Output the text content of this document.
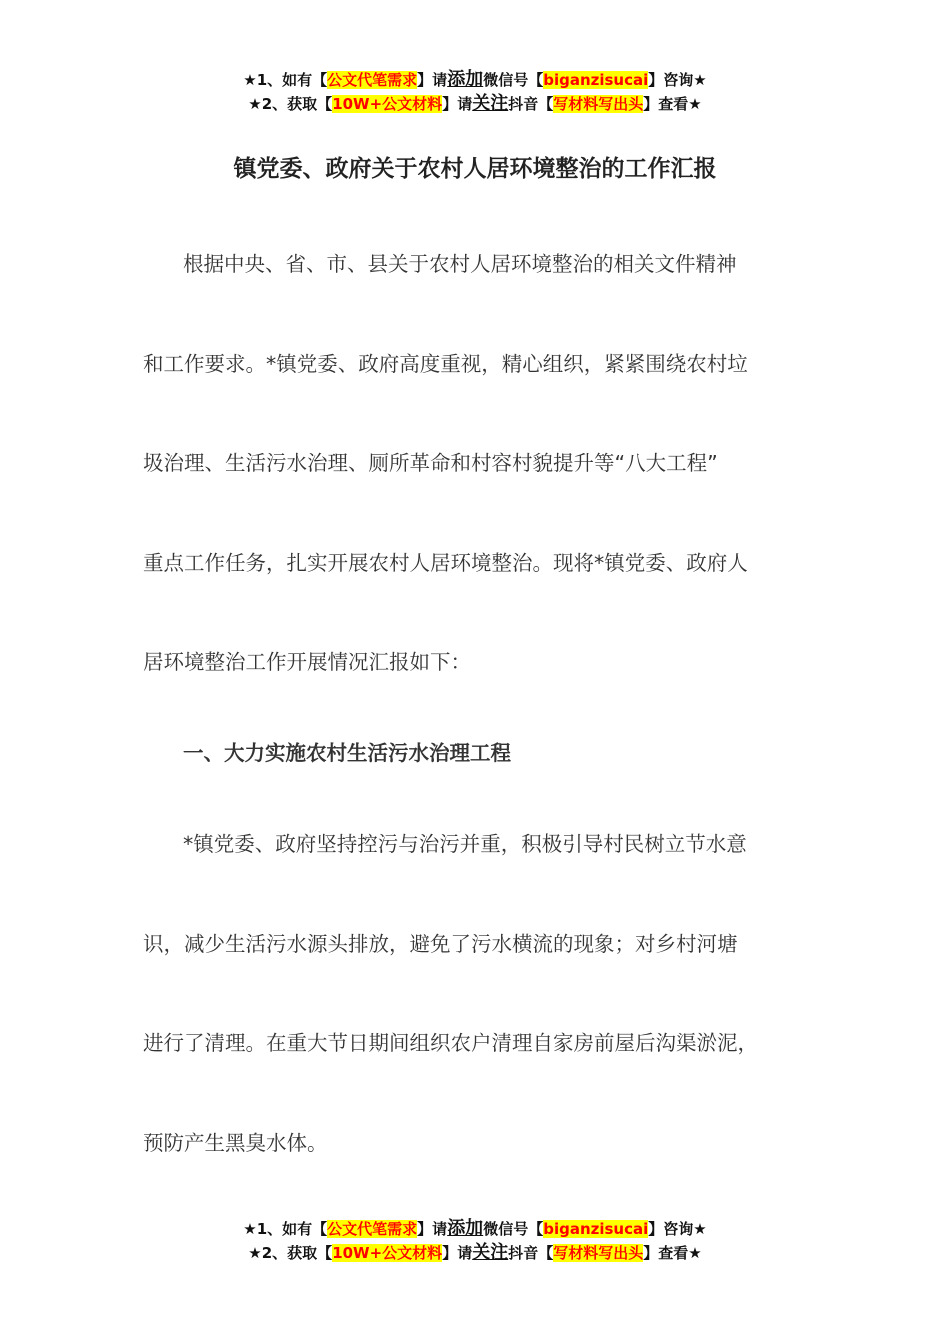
★1、如有【公文代笔需求】请添加微信号【biganzisucai】咨询★
★2、获取【10W+公文材料】请关注抖音【写材料写出头】查看★
镇党委、政府关于农村人居环境整治的工作汇报
根据中央、省、市、县关于农村人居环境整治的相关文件精神
和工作要求。*镇党委、政府高度重视，精心组织，紧紧围绕农村垃
圾治理、生活污水治理、厕所革命和村容村貌提升等“八大工程”
重点工作任务，扎实开展农村人居环境整治。现将*镇党委、政府人
居环境整治工作开展情况汇报如下：
一、大力实施农村生活污水治理工程
*镇党委、政府坚持控污与治污并重，积极引导村民树立节水意
识，减少生活污水源头排放，避免了污水横流的现象；对乡村河塘
进行了清理。在重大节日期间组织农户清理自家房前屋后沟渠淤泥，
预防产生黑臭水体。
★1、如有【公文代笔需求】请添加微信号【biganzisucai】咨询★
★2、获取【10W+公文材料】请关注抖音【写材料写出头】查看★
